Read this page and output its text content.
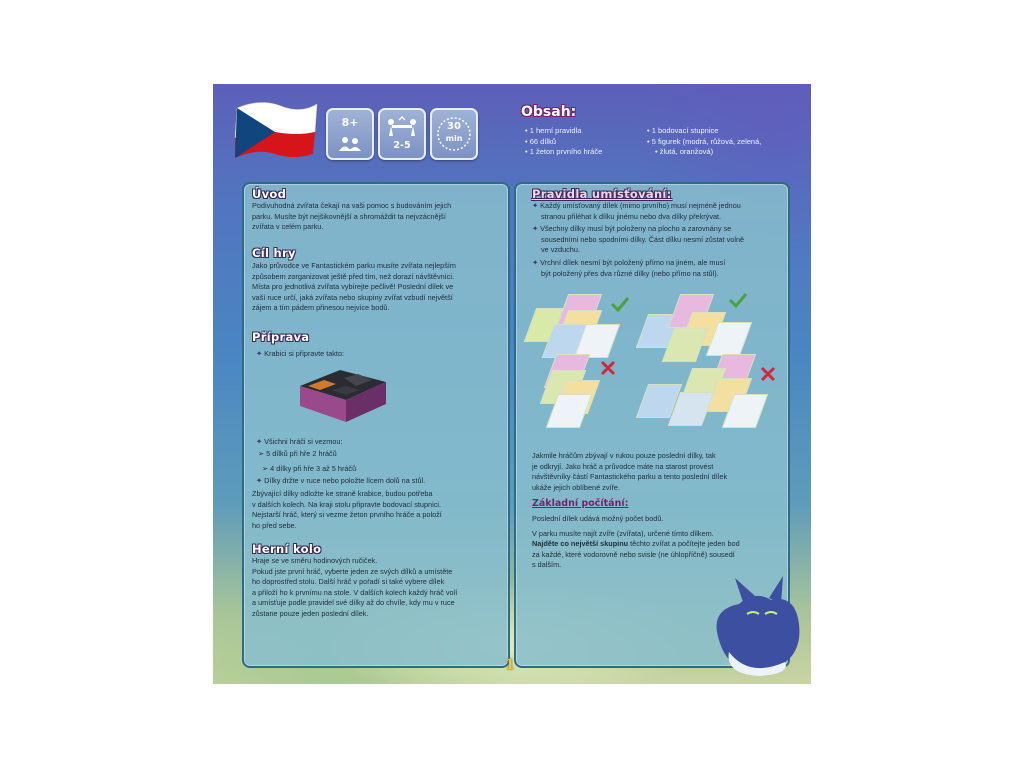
8+
2-5
30
min
Obsah:
• 1 herní pravidla
• 66 dílků
• 1 žeton prvního hráče
• 1 bodovací stupnice
• 5 figurek (modrá, růžová, zelená,
• žlutá, oranžová)
Úvod
Podivuhodná zvířata čekají na vaši pomoc s budováním jejich
parku. Musíte být nejšikovnější a shromáždit ta nejvzácnější
zvířata v celém parku.
Cíl hry
Jako průvodce ve Fantastickém parku musíte zvířata nejlepším
způsobem zorganizovat ještě před tím, než dorazí návštěvníci.
Místa pro jednotlivá zvířata vybírejte pečlivě! Poslední dílek ve
vaší ruce určí, jaká zvířata nebo skupiny zvířat vzbudí největší
zájem a tím pádem přinesou nejvíce bodů.
Příprava
✦ Krabici si připravte takto:
✦ Všichni hráči si vezmou:
➢ 5 dílků při hře 2 hráčů
➢ 4 dílky při hře 3 až 5 hráčů
✦ Dílky držte v ruce nebo položte lícem dolů na stůl.
Zbývající dílky odložte ke straně krabice, budou potřeba
v dalších kolech. Na kraji stolu připravte bodovací stupnici.
Nejstarší hráč, který si vezme žeton prvního hráče a položí
ho před sebe.
Herní kolo
Hraje se ve směru hodinových ručiček.
Pokud jste první hráč, vyberte jeden ze svých dílků a umístěte
ho doprostřed stolu. Další hráč v pořadí si také vybere dílek
a přiloží ho k prvnímu na stole. V dalších kolech každý hráč volí
a umísťuje podle pravidel své dílky až do chvíle, kdy mu v ruce
zůstane pouze jeden poslední dílek.
Pravidla umísťování:
✦ Každý umísťovaný dílek (mimo prvního) musí nejméně jednou
stranou přiléhat k dílku jinému nebo dva dílky překrývat.
✦ Všechny dílky musí být položeny na plocho a zarovnány se
sousedními nebo spodními dílky. Část dílku nesmí zůstat volně
ve vzduchu.
✦ Vrchní dílek nesmí být položený přímo na jiném, ale musí
být položený přes dva různé dílky (nebo přímo na stůl).
Jakmile hráčům zbývají v rukou pouze poslední dílky, tak
je odkryjí. Jako hráč a průvodce máte na starost provést
návštěvníky částí Fantastického parku a tento poslední dílek
ukáže jejich oblíbené zvíře.
Základní počítání:
Poslední dílek udává možný počet bodů.
V parku musíte najít zvíře (zvířata), určené tímto dílkem.
Najděte co největší skupinu těchto zvířat a počítejte jeden bod
za každé, které vodorovně nebo svisle (ne úhlopříčně) sousedí
s dalším.
1
